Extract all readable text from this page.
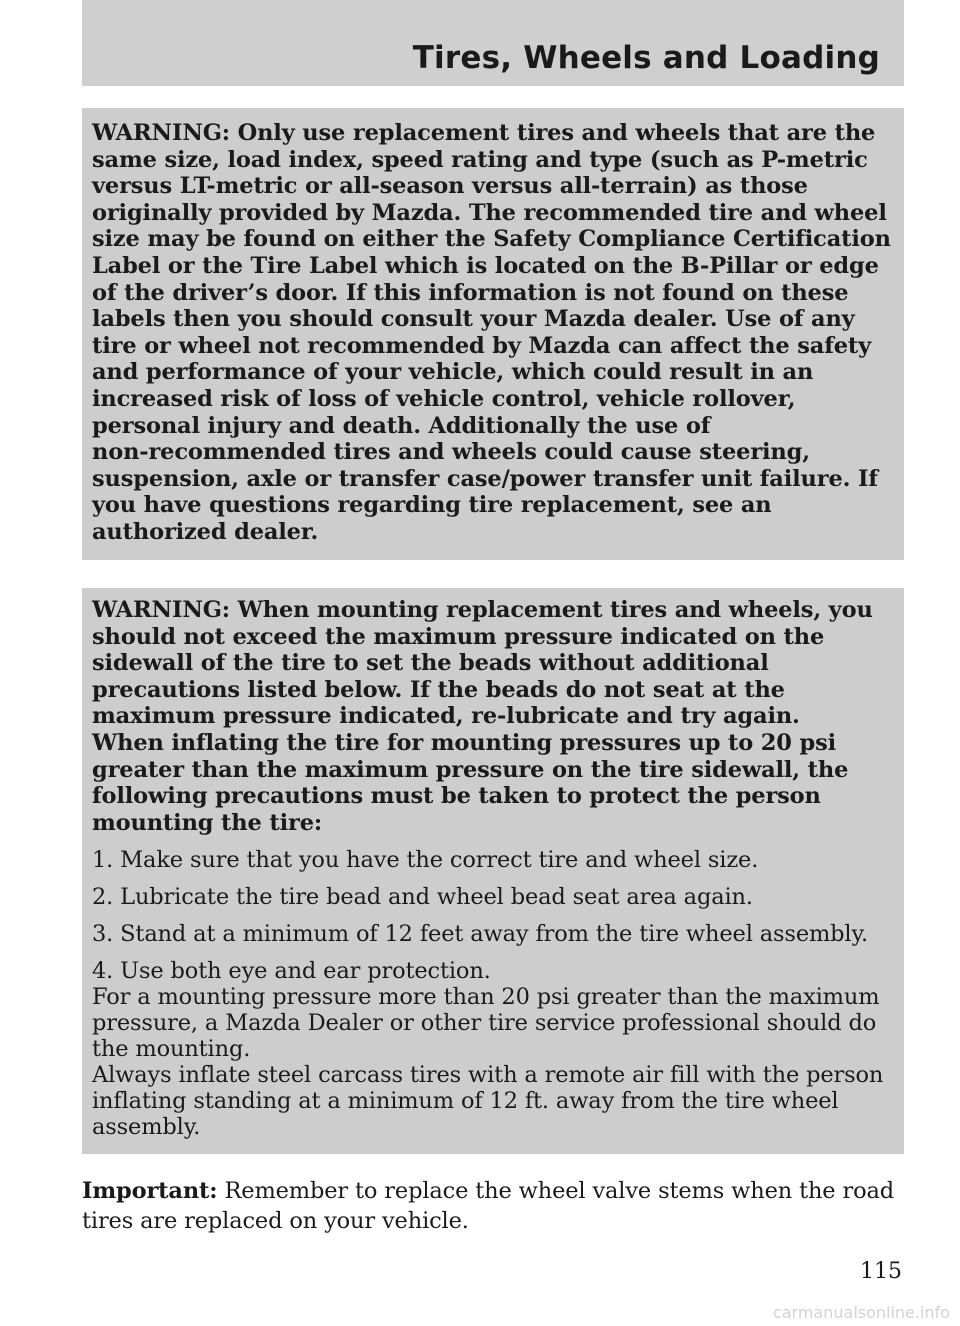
Tires, Wheels and Loading

WARNING: Only use replacement tires and wheels that are the
same size, load index, speed rating and type (such as P-metric
versus LT-metric or all-season versus all-terrain) as those
originally provided by Mazda. The recommended tire and wheel
size may be found on either the Safety Compliance Certification
Label or the Tire Label which is located on the B-Pillar or edge
of the driver’s door. If this information is not found on these
labels then you should consult your Mazda dealer. Use of any
tire or wheel not recommended by Mazda can affect the safety
and performance of your vehicle, which could result in an
increased risk of loss of vehicle control, vehicle rollover,
personal injury and death. Additionally the use of
non-recommended tires and wheels could cause steering,
suspension, axle or transfer case/power transfer unit failure. If
you have questions regarding tire replacement, see an
authorized dealer.

WARNING: When mounting replacement tires and wheels, you
should not exceed the maximum pressure indicated on the
sidewall of the tire to set the beads without additional
precautions listed below. If the beads do not seat at the
maximum pressure indicated, re-lubricate and try again.
When inflating the tire for mounting pressures up to 20 psi
greater than the maximum pressure on the tire sidewall, the
following precautions must be taken to protect the person
mounting the tire:

1. Make sure that you have the correct tire and wheel size.

2. Lubricate the tire bead and wheel bead seat area again.

3. Stand at a minimum of 12 feet away from the tire wheel assembly.

4. Use both eye and ear protection.

For a mounting pressure more than 20 psi greater than the maximum
pressure, a Mazda Dealer or other tire service professional should do
the mounting.
Always inflate steel carcass tires with a remote air fill with the person
inflating standing at a minimum of 12 ft. away from the tire wheel
assembly.

Important: Remember to replace the wheel valve stems when the road
tires are replaced on your vehicle.
115
carmanualsonline.info
